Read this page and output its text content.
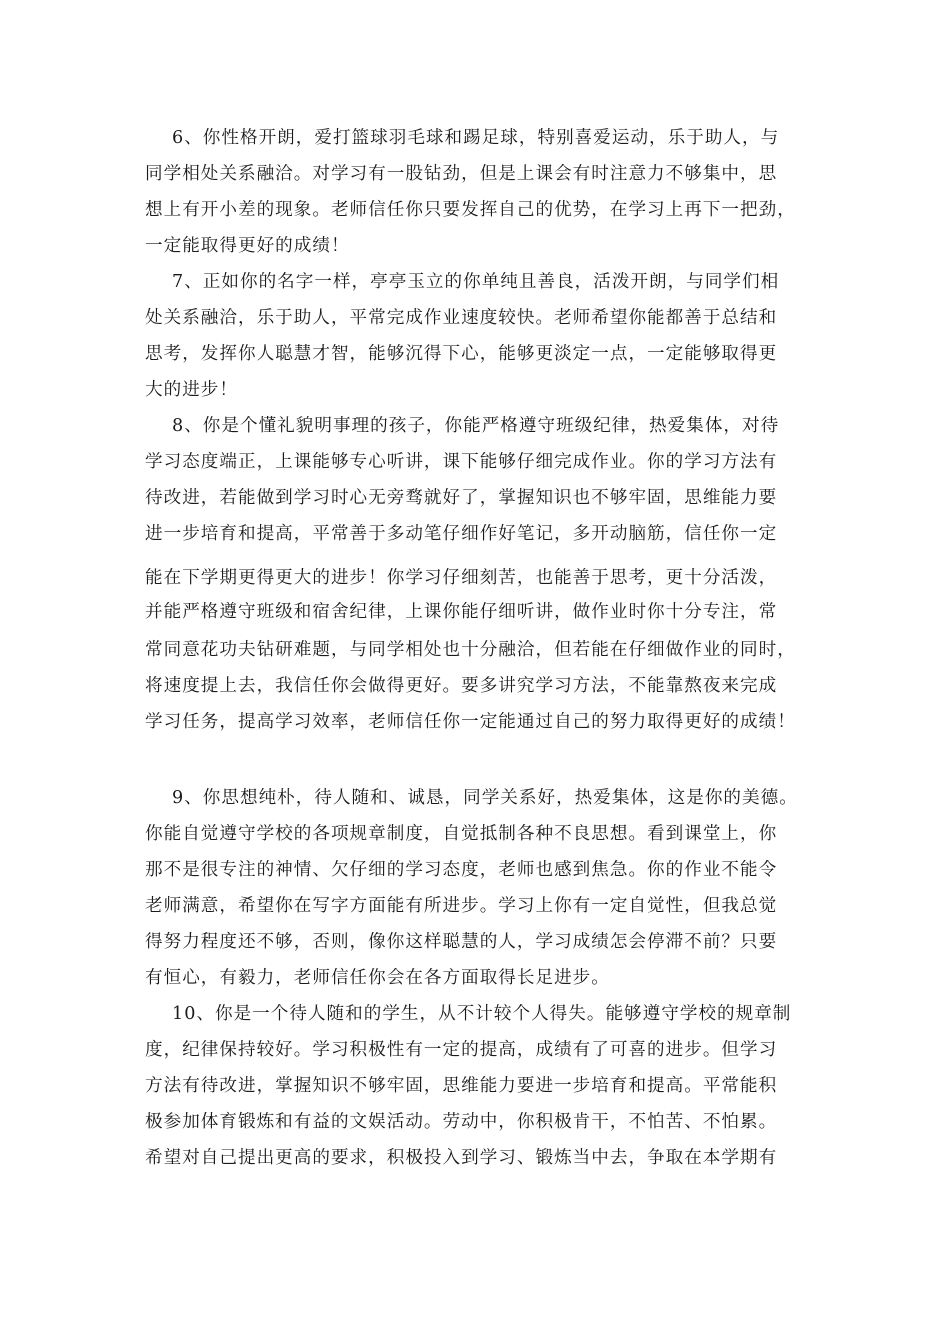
6、你性格开朗，爱打篮球羽毛球和踢足球，特别喜爱运动，乐于助人，与
同学相处关系融洽。对学习有一股钻劲，但是上课会有时注意力不够集中，思
想上有开小差的现象。老师信任你只要发挥自己的优势，在学习上再下一把劲，
一定能取得更好的成绩！
7、正如你的名字一样，亭亭玉立的你单纯且善良，活泼开朗，与同学们相
处关系融洽，乐于助人，平常完成作业速度较快。老师希望你能都善于总结和
思考，发挥你人聪慧才智，能够沉得下心，能够更淡定一点，一定能够取得更
大的进步！
8、你是个懂礼貌明事理的孩子，你能严格遵守班级纪律，热爱集体，对待
学习态度端正，上课能够专心听讲，课下能够仔细完成作业。你的学习方法有
待改进，若能做到学习时心无旁骛就好了，掌握知识也不够牢固，思维能力要
进一步培育和提高，平常善于多动笔仔细作好笔记，多开动脑筋，信任你一定
能在下学期更得更大的进步！你学习仔细刻苦，也能善于思考，更十分活泼，
并能严格遵守班级和宿舍纪律，上课你能仔细听讲，做作业时你十分专注，常
常同意花功夫钻研难题，与同学相处也十分融洽，但若能在仔细做作业的同时，
将速度提上去，我信任你会做得更好。要多讲究学习方法，不能靠熬夜来完成
学习任务，提高学习效率，老师信任你一定能通过自己的努力取得更好的成绩！
9、你思想纯朴，待人随和、诚恳，同学关系好，热爱集体，这是你的美德。
你能自觉遵守学校的各项规章制度，自觉抵制各种不良思想。看到课堂上，你
那不是很专注的神情、欠仔细的学习态度，老师也感到焦急。你的作业不能令
老师满意，希望你在写字方面能有所进步。学习上你有一定自觉性，但我总觉
得努力程度还不够，否则，像你这样聪慧的人，学习成绩怎会停滞不前？只要
有恒心，有毅力，老师信任你会在各方面取得长足进步。
10、你是一个待人随和的学生，从不计较个人得失。能够遵守学校的规章制
度，纪律保持较好。学习积极性有一定的提高，成绩有了可喜的进步。但学习
方法有待改进，掌握知识不够牢固，思维能力要进一步培育和提高。平常能积
极参加体育锻炼和有益的文娱活动。劳动中，你积极肯干，不怕苦、不怕累。
希望对自己提出更高的要求，积极投入到学习、锻炼当中去，争取在本学期有
